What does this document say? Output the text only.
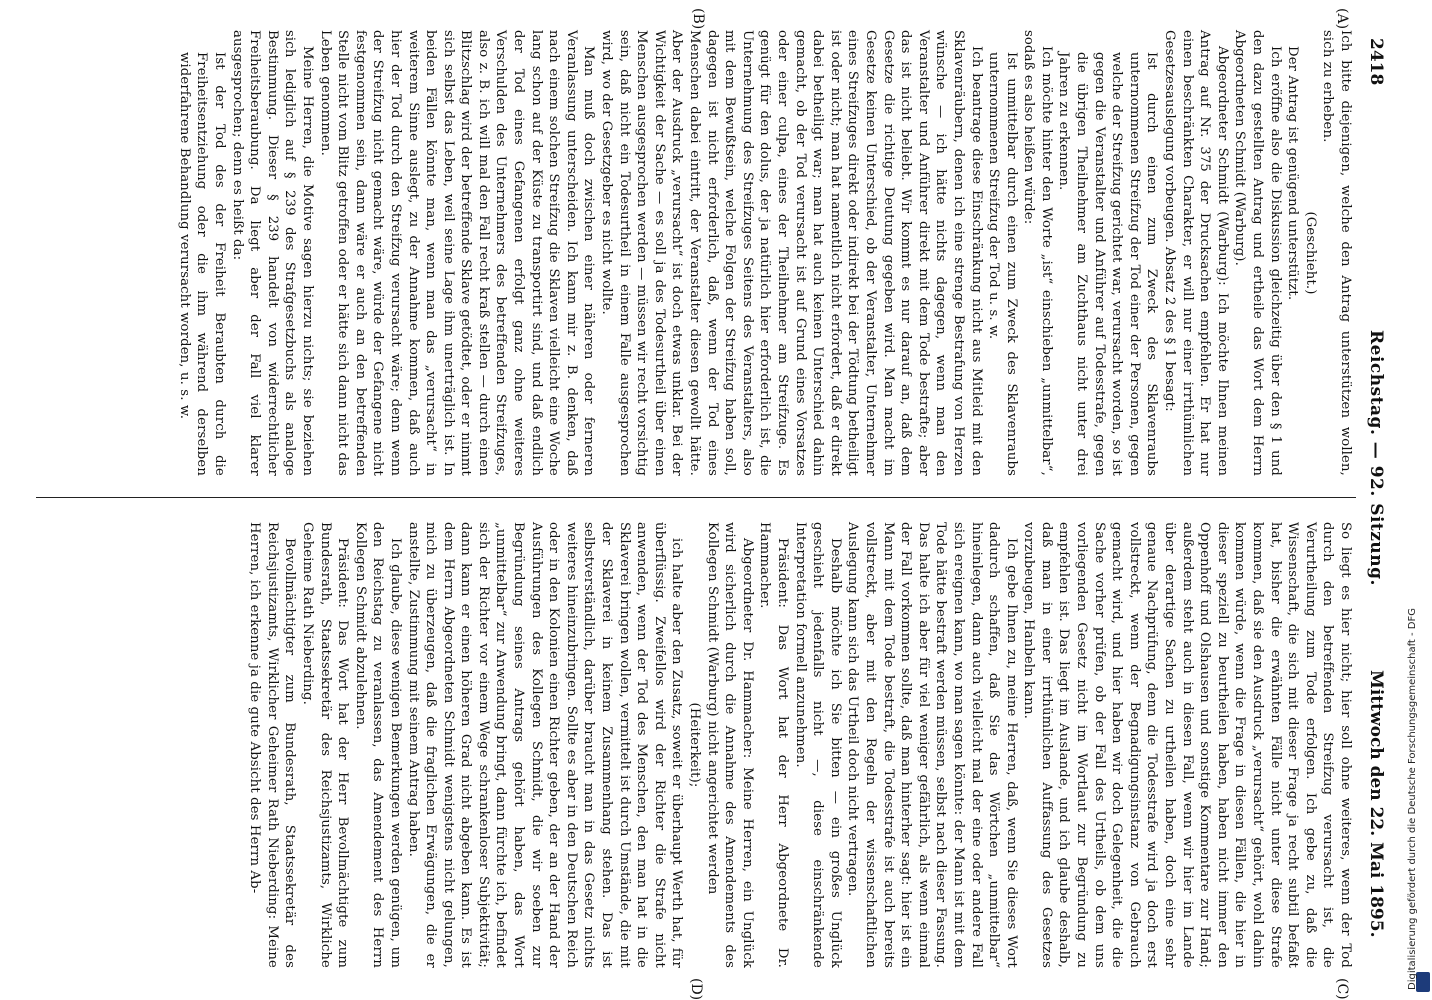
2418
Reichstag. — 92. Sitzung.
Mittwoch den 22. Mai 1895.
(A)
(B)
(C)
(D)

Ich bitte diejenigen, welche den Antrag unterstützen wollen, sich zu erheben.

(Geschieht.)

Der Antrag ist genügend unterstützt.

Ich eröffne also die Diskussion gleichzeitig über den § 1 und den dazu gestellten Antrag und ertheile das Wort dem Herrn Abgeordneten Schmidt (Warburg).

Abgeordneter Schmidt (Warburg): Ich möchte Ihnen meinen Antrag auf Nr. 375 der Drucksachen empfehlen. Er hat nur einen beschränkten Charakter, er will nur einer irrthümlichen Gesetzesauslegung vorbeugen. Absatz 2 des § 1 besagt:

Ist durch einen zum Zweck des Sklavenraubs unternommenen Streifzug der Tod einer der Personen, gegen welche der Streifzug gerichtet war, verursacht worden, so ist gegen die Veranstalter und Anführer auf Todesstrafe, gegen die übrigen Theilnehmer am Zuchthaus nicht unter drei Jahren zu erkennen.

Ich möchte hinter den Worte „ist“ einschieben „unmittelbar“, sodaß es also heißen würde:

Ist unmittelbar durch einen zum Zweck des Sklavenraubs unternommenen Streifzug der Tod u. s. w.

Ich beantrage diese Einschränkung nicht aus Mitleid mit den Sklavenräubern, denen ich eine strenge Bestrafung von Herzen wünsche — ich hätte nichts dagegen, wenn man den Veranstalter und Anführer direkt mit dem Tode bestrafte; aber das ist nicht beliebt. Wir kommt es nur darauf an, daß dem Gesetze die richtige Deutung gegeben wird. Man macht im Gesetze keinen Unterschied, ob der Veranstalter, Unternehmer eines Streifzuges direkt oder indirekt bei der Tödtung betheiligt ist oder nicht; man hat namentlich nicht erfordert, daß er direkt dabei betheiligt war; man hat auch keinen Unterschied dahin gemacht, ob der Tod verursacht ist auf Grund eines Vorsatzes oder einer culpa, eines der Theilnehmer am Streifzuge. Es genügt für den dolus, der ja natürlich hier erforderlich ist, die Unternehmung des Streifzuges Seitens des Veranstalters, also mit dem Bewußtsein, welche Folgen der Streifzug haben soll, dagegen ist nicht erforderlich, daß, wenn der Tod eines Menschen dabei eintritt, der Veranstalter diesen gewollt hätte. Aber der Ausdruck „verursacht“ ist doch etwas unklar. Bei der Wichtigkeit der Sache — es soll ja des Todesurtheil über einen Menschen ausgesprochen werden — müssen wir recht vorsichtig sein, daß nicht ein Todesurtheil in einem Falle ausgesprochen wird, wo der Gesetzgeber es nicht wollte.

Man muß doch zwischen einer näheren oder ferneren Veranlassung unterscheiden. Ich kann mir z. B. denken, daß nach einem solchen Streifzug die Sklaven vielleicht eine Woche lang schon auf der Küste zu transportirt sind, und daß endlich der Tod eines Gefangenen erfolgt ganz ohne weiteres Verschulden des Unternehmers des betreffenden Streifzuges, also z. B. ich will mal den Fall recht kraß stellen — durch einen Blitzschlag wird der betreffende Sklave getödtet, oder er nimmt sich selbst das Leben, weil seine Lage ihm unerträglich ist. In beiden Fällen könnte man, wenn man das „verursacht“ in weiterem Sinne auslegt, zu der Annahme kommen, daß auch hier der Tod durch den Streifzug verursacht wäre; denn wenn der Streifzug nicht gemacht wäre, würde der Gefangene nicht festgenommen sein, dann wäre er auch an den betreffenden Stelle nicht vom Blitz getroffen oder er hätte sich dann nicht das Leben genommen.

Meine Herren, die Motive sagen hierzu nichts; sie beziehen sich lediglich auf § 239 des Strafgesetzbuchs als analoge Bestimmung. Dieser § 239 handelt von widerrechtlicher Freiheitsberaubung. Da liegt aber der Fall viel klarer ausgesprochen; denn es heißt da:

Ist der Tod des der Freiheit Beraubten durch die Freiheitsentziehung oder die ihm während derselben widerfahrene Behandlung verursacht worden, u. s. w.

So liegt es hier nicht; hier soll ohne weiteres, wenn der Tod durch den betreffenden Streifzug verursacht ist, die Verurtheilung zum Tode erfolgen. Ich gebe zu, daß die Wissenschaft, die sich mit dieser Frage ja recht subtil befaßt hat, bisher die erwähnten Fälle nicht unter diese Strafe kommen, daß sie den Ausdruck „verursacht“ gehört, wohl dahin kommen würde, wenn die Frage in diesen Fällen, die hier in dieser speziell zu beurtheilen haben, haben nicht immer den Oppenhoff und Olshausen und sonstige Kommentare zur Hand; außerdem steht auch in diesen Fall, wenn wir hier im Lande über derartige Sachen zu urtheilen haben, doch eine sehr genaue Nachprüfung, denn die Todesstrafe wird ja doch erst vollstreckt, wenn der Begnadigungsinstanz von Gebrauch gemacht wird, und hier haben wir doch Gelegenheit, die die Sache vorher prüfen, ob der Fall des Urtheils, ob dem uns vorliegenden Gesetz nicht im Wortlaut zur Begründung zu empfehlen ist. Das liegt im Auslande, und ich glaube deshalb, daß man in einer irrthümlichen Auffassung des Gesetzes vorzubeugen, Hanbeln kann.

Ich gebe Ihnen zu, meine Herren, daß, wenn Sie dieses Wort dadurch schaffen, daß Sie das Wörtchen „unmittelbar“ hineinlegen, dann auch vielleicht mal der eine oder andere Fall sich ereignen kann, wo man sagen könnte: der Mann ist mit dem Tode hätte bestraft werden müssen, selbst nach dieser Fassung. Das halte ich aber für viel weniger gefährlich, als wenn einmal der Fall vorkommen sollte, daß man hinterher sagt: hier ist ein Mann mit dem Tode bestraft, die Todesstrafe ist auch bereits vollstreckt, aber mit den Regeln der wissenschaftlichen Auslegung kann sich das Urtheil doch nicht vertragen.

Deshalb möchte ich Sie bitten — ein großes Unglück geschieht jedenfalls nicht —, diese einschränkende Interpretation formell anzunehmen.

Präsident: Das Wort hat der Herr Abgeordnete Dr. Hammacher.

Abgeordneter Dr. Hammacher: Meine Herren, ein Unglück wird sicherlich durch die Annahme des Amendements des Kollegen Schmidt (Warburg) nicht angerichtet werden

(Heiterkeit);

ich halte aber den Zusatz, soweit er überhaupt Werth hat, für überflüssig. Zweifellos wird der Richter die Strafe nicht anwenden, wenn der Tod des Menschen, den man hat in die Sklaverei bringen wollen, vermittelt ist durch Umstände, die mit der Sklaverei in keinem Zusammenhang stehen. Das ist selbstverständlich, darüber braucht man in das Gesetz nichts weiteres hineinzubringen. Sollte es aber in den Deutschen Reich oder in den Kolonien einen Richter geben, der an der Hand der Ausführungen des Kollegen Schmidt, die wir soeben zur Begründung seines Antrags gehört haben, das Wort „unmittelbar“ zur Anwendung bringt, dann fürchte ich, befindet sich der Richter vor einem Wege schrankenloser Subjektivität; dann kann er einen höheren Grad nicht abgeben kann. Es ist dem Herrn Abgeordneten Schmidt wenigstens nicht gelungen, mich zu überzeugen, daß die fraglichen Erwägungen, die er anstellte, Zustimmung mit seinem Antrag haben.

Ich glaube, diese wenigen Bemerkungen werden genügen, um den Reichstag zu veranlassen, das Amendement des Herrn Kollegen Schmidt abzulehnen.

Präsident: Das Wort hat der Herr Bevollmächtigte zum Bundesrath, Staatssekretär des Reichsjustizamts, Wirkliche Geheime Rath Nieberding.

Bevollmächtigter zum Bundesrath, Staatssekretär des Reichsjustizamts, Wirklicher Geheimer Rath Nieberding: Meine Herren, ich erkenne ja die gute Absicht des Herrn Ab-	Digitalisierung gefördert durch die Deutsche Forschungsgemeinschaft - DFG
